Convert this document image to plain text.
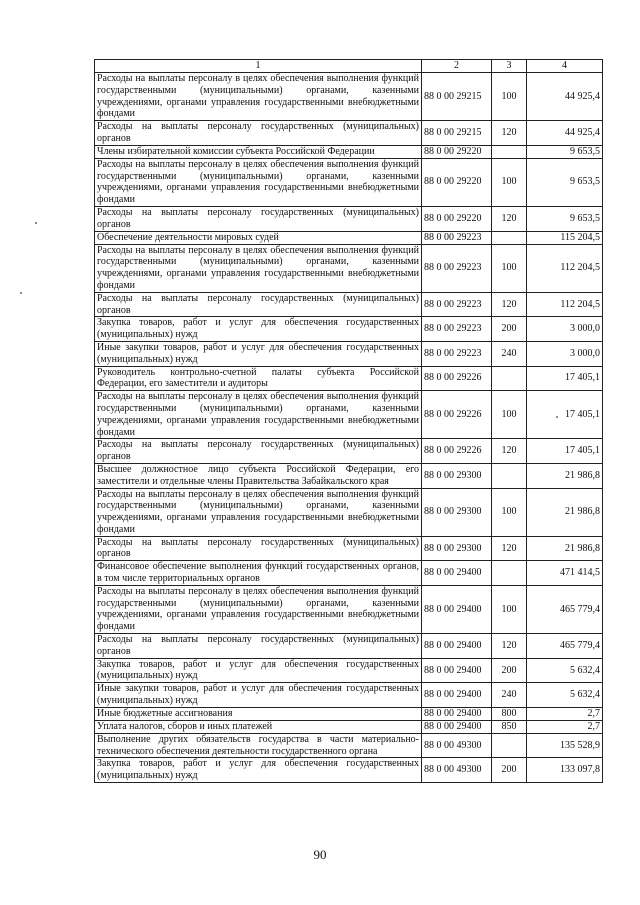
1	2	3	4
Расходы на выплаты персоналу в целях обеспечения выполнения функций государственными (муниципальными) органами, казенными учреждениями, органами управления государственными внебюджетными фондами	88 0 00 29215	100	44 925,4
Расходы на выплаты персоналу государственных (муниципальных) органов	88 0 00 29215	120	44 925,4
Члены избирательной комиссии субъекта Российской Федерации	88 0 00 29220		9 653,5
Расходы на выплаты персоналу в целях обеспечения выполнения функций государственными (муниципальными) органами, казенными учреждениями, органами управления государственными внебюджетными фондами	88 0 00 29220	100	9 653,5
Расходы на выплаты персоналу государственных (муниципальных) органов	88 0 00 29220	120	9 653,5
Обеспечение деятельности мировых судей	88 0 00 29223		115 204,5
Расходы на выплаты персоналу в целях обеспечения выполнения функций государственными (муниципальными) органами, казенными учреждениями, органами управления государственными внебюджетными фондами	88 0 00 29223	100	112 204,5
Расходы на выплаты персоналу государственных (муниципальных) органов	88 0 00 29223	120	112 204,5
Закупка товаров, работ и услуг для обеспечения государственных (муниципальных) нужд	88 0 00 29223	200	3 000,0
Иные закупки товаров, работ и услуг для обеспечения государственных (муниципальных) нужд	88 0 00 29223	240	3 000,0
Руководитель контрольно-счетной палаты субъекта Российской Федерации, его заместители и аудиторы	88 0 00 29226		17 405,1
Расходы на выплаты персоналу в целях обеспечения выполнения функций государственными (муниципальными) органами, казенными учреждениями, органами управления государственными внебюджетными фондами	88 0 00 29226	100	17 405,1
Расходы на выплаты персоналу государственных (муниципальных) органов	88 0 00 29226	120	17 405,1
Высшее должностное лицо субъекта Российской Федерации, его заместители и отдельные члены Правительства Забайкальского края	88 0 00 29300		21 986,8
Расходы на выплаты персоналу в целях обеспечения выполнения функций государственными (муниципальными) органами, казенными учреждениями, органами управления государственными внебюджетными фондами	88 0 00 29300	100	21 986,8
Расходы на выплаты персоналу государственных (муниципальных) органов	88 0 00 29300	120	21 986,8
Финансовое обеспечение выполнения функций государственных органов, в том числе территориальных органов	88 0 00 29400		471 414,5
Расходы на выплаты персоналу в целях обеспечения выполнения функций государственными (муниципальными) органами, казенными учреждениями, органами управления государственными внебюджетными фондами	88 0 00 29400	100	465 779,4
Расходы на выплаты персоналу государственных (муниципальных) органов	88 0 00 29400	120	465 779,4
Закупка товаров, работ и услуг для обеспечения государственных (муниципальных) нужд	88 0 00 29400	200	5 632,4
Иные закупки товаров, работ и услуг для обеспечения государственных (муниципальных) нужд	88 0 00 29400	240	5 632,4
Иные бюджетные ассигнования	88 0 00 29400	800	2,7
Уплата налогов, сборов и иных платежей	88 0 00 29400	850	2,7
Выполнение других обязательств государства в части материально-технического обеспечения деятельности государственного органа	88 0 00 49300		135 528,9
Закупка товаров, работ и услуг для обеспечения государственных (муниципальных) нужд	88 0 00 49300	200	133 097,8
90
